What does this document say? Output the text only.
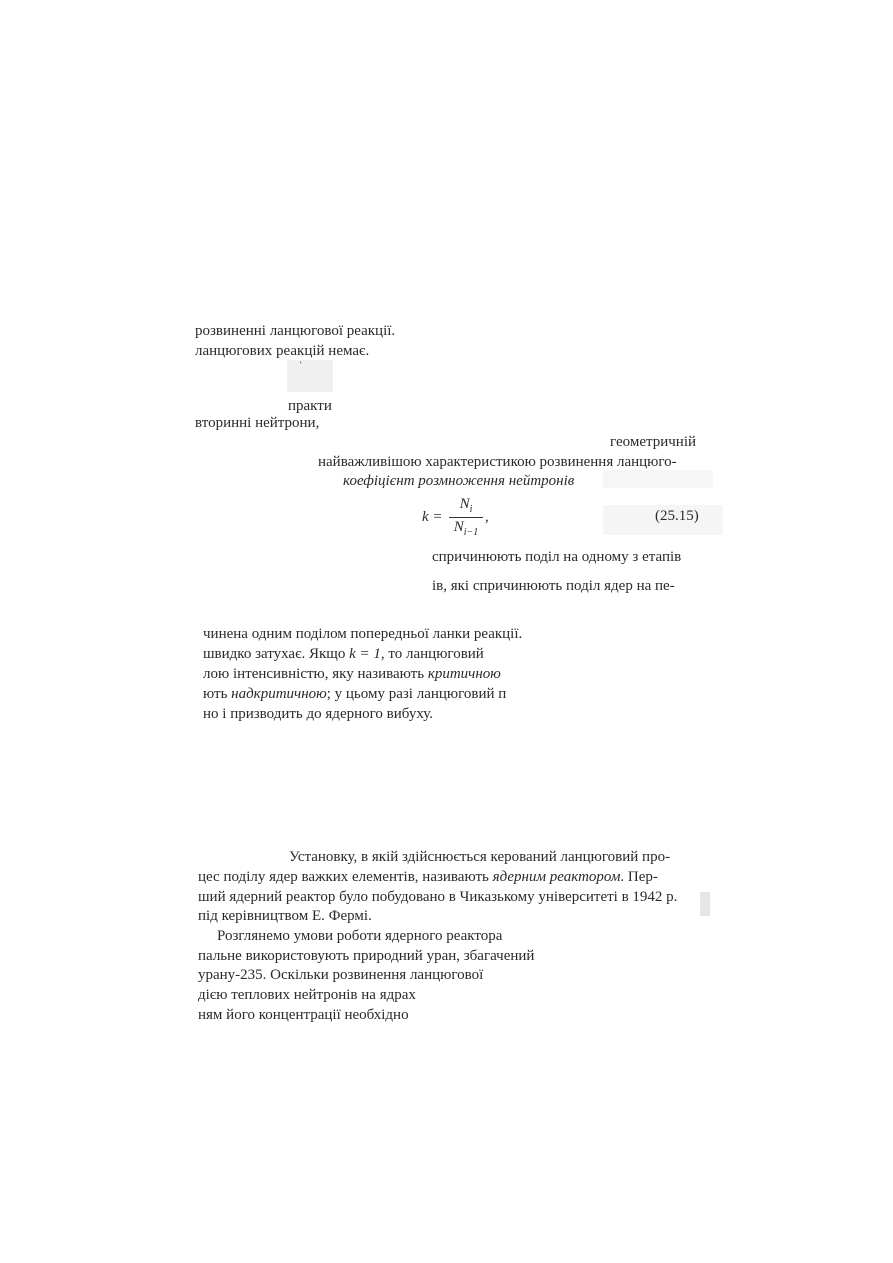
розвиненні ланцюгової реакції.
ланцюгових реакцій немає.
'
практи
вторинні нейтрони,
геометричній
найважливішою характеристикою розвинення ланцюго-
коефіцієнт розмноження нейтронів
k =
$N_i$
$N_{i-1}$
,	(25.15)
спричинюють поділ на одному з етапів
ів, які спричинюють поділ ядер на пе-
чинена одним поділом попередньої ланки реакції.
швидко затухає. Якщо k = 1, то ланцюговий
лою інтенсивністю, яку називають критичною
ють надкритичною; у цьому разі ланцюговий п
но і призводить до ядерного вибуху.
Установку, в якій здійснюється керований ланцюговий про-
цес поділу ядер важких елементів, називають ядерним реактором. Пер-
ший ядерний реактор було побудовано в Чиказькому університеті в 1942 р.
під керівництвом Е. Фермі.
Розглянемо умови роботи ядерного реактора
пальне використовують природний уран, збагачений
урану-235. Оскільки розвинення ланцюгової
дією теплових нейтронів на ядрах
ням його концентрації необхідно
